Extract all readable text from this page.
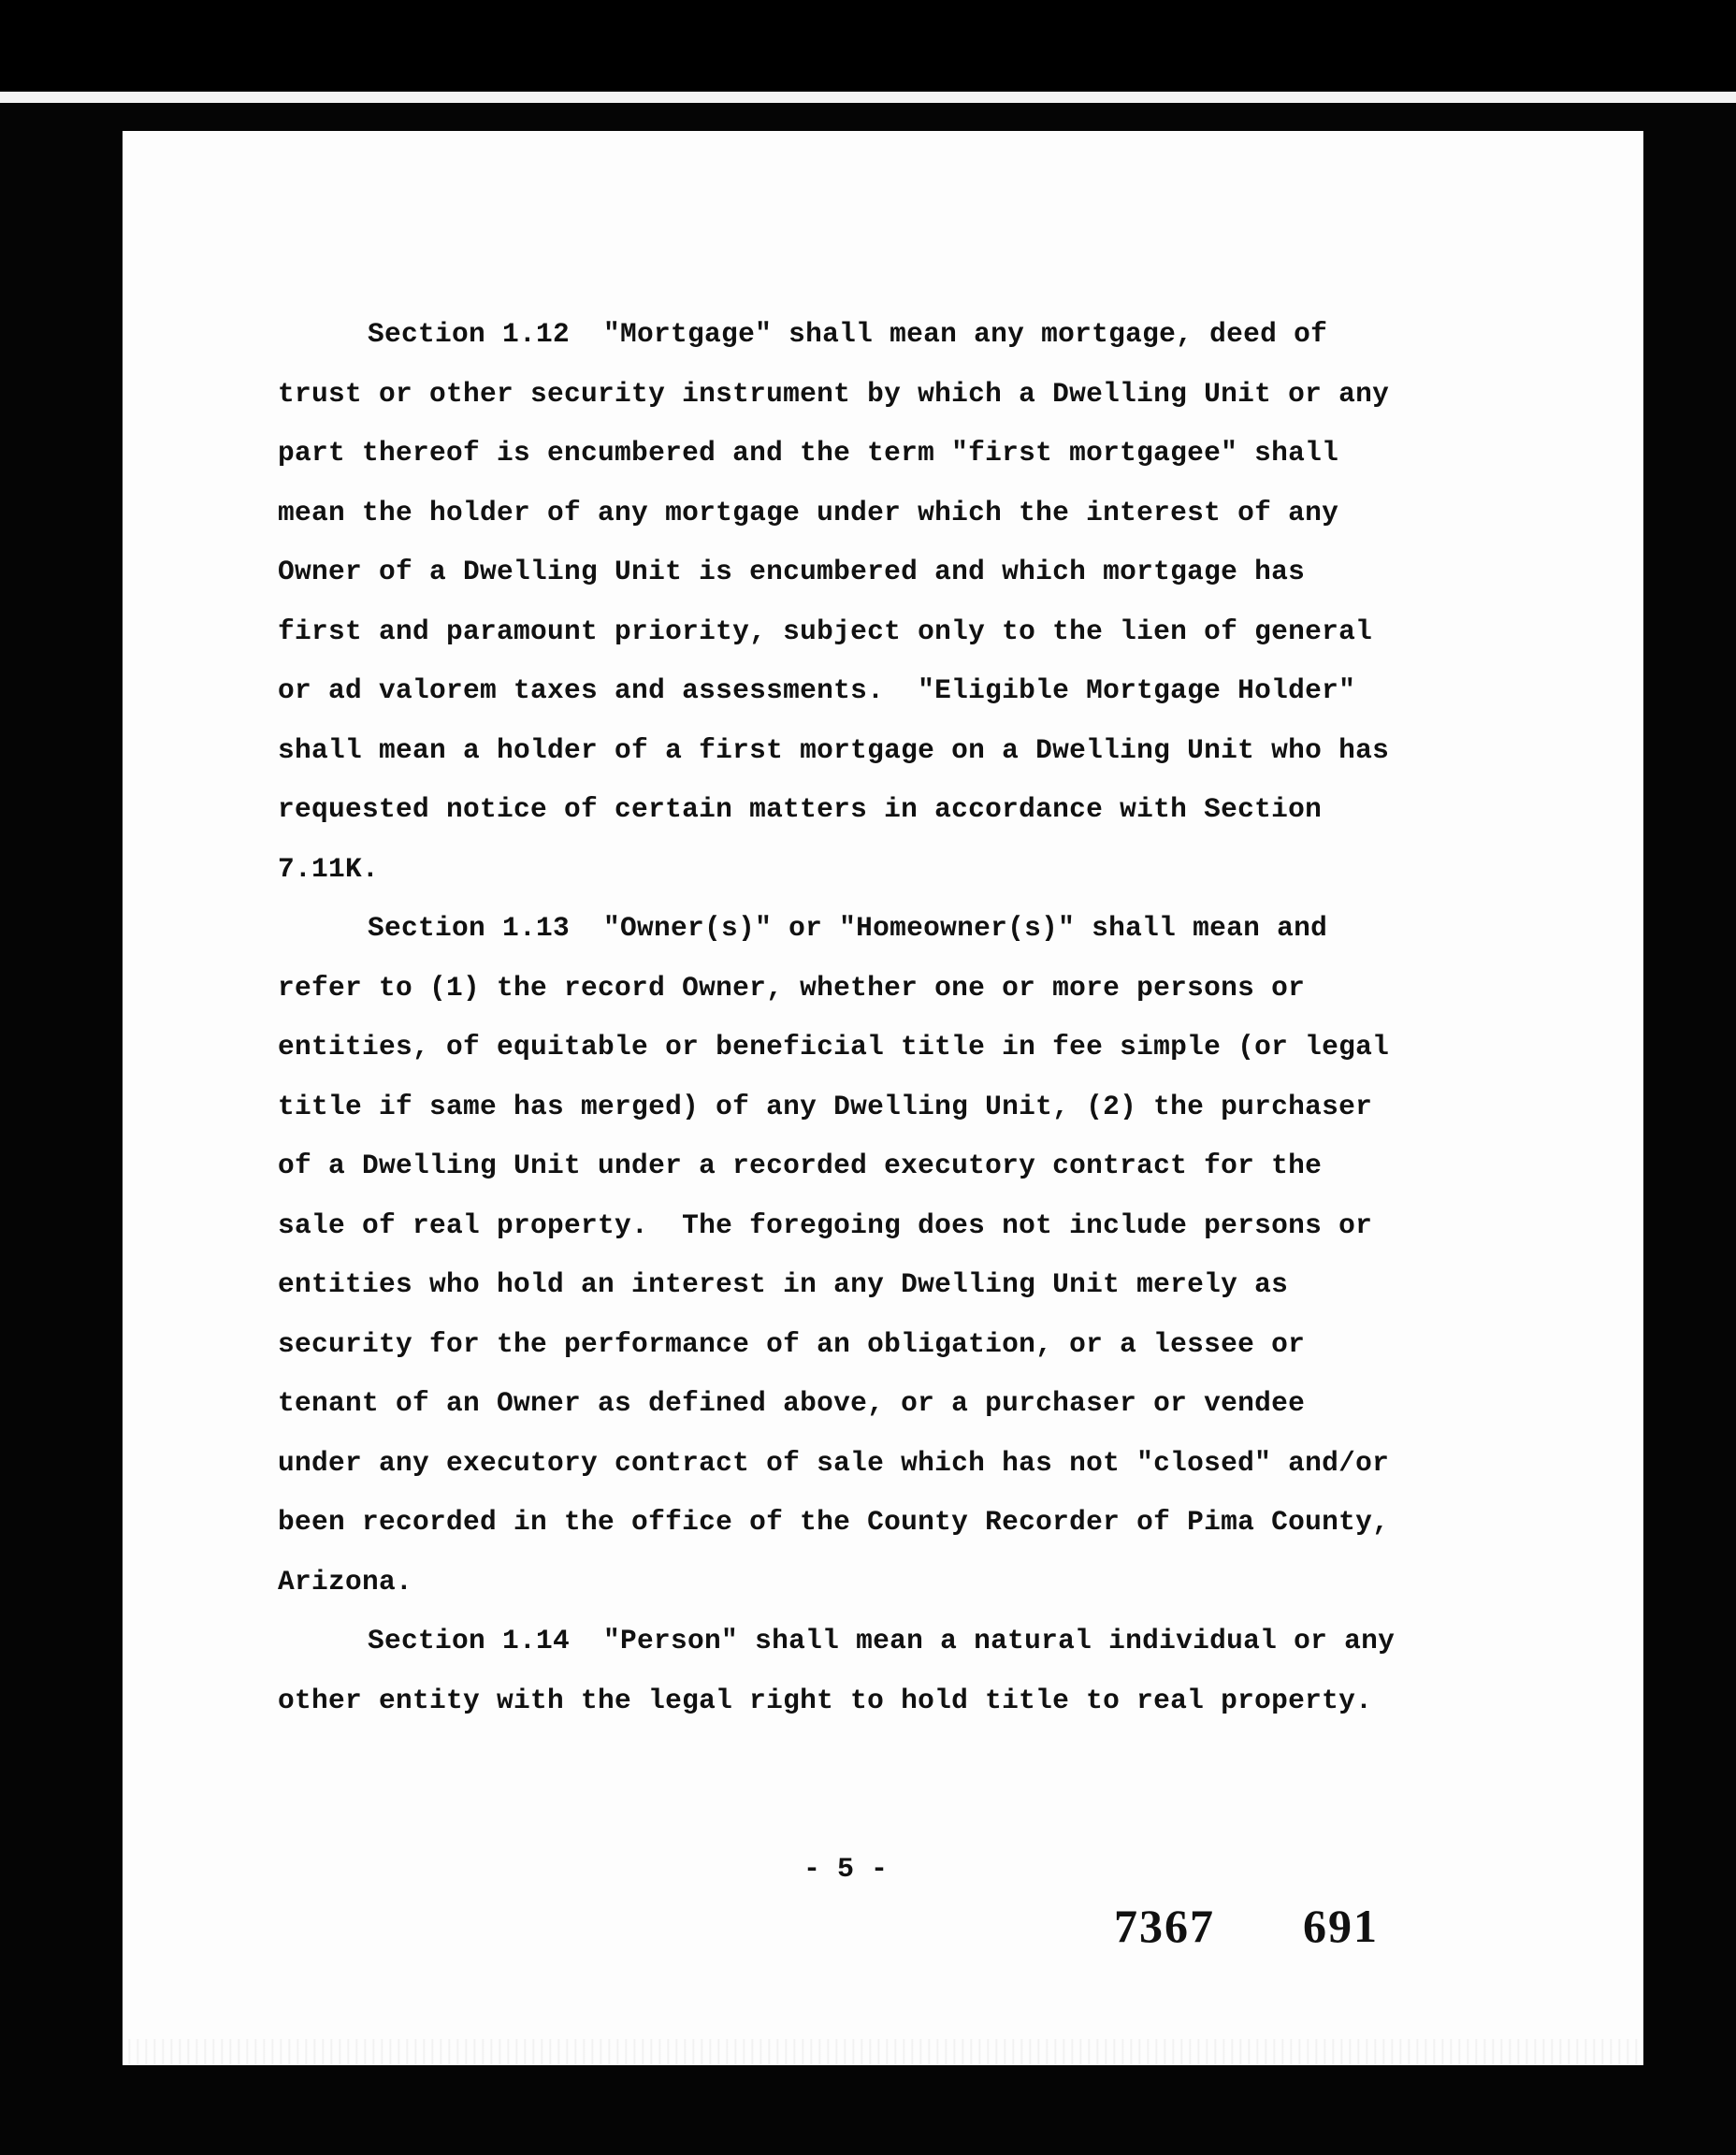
Section 1.12  "Mortgage" shall mean any mortgage, deed of
trust or other security instrument by which a Dwelling Unit or any
part thereof is encumbered and the term "first mortgagee" shall
mean the holder of any mortgage under which the interest of any
Owner of a Dwelling Unit is encumbered and which mortgage has
first and paramount priority, subject only to the lien of general
or ad valorem taxes and assessments.  "Eligible Mortgage Holder"
shall mean a holder of a first mortgage on a Dwelling Unit who has
requested notice of certain matters in accordance with Section
7.11K.
Section 1.13  "Owner(s)" or "Homeowner(s)" shall mean and
refer to (1) the record Owner, whether one or more persons or
entities, of equitable or beneficial title in fee simple (or legal
title if same has merged) of any Dwelling Unit, (2) the purchaser
of a Dwelling Unit under a recorded executory contract for the
sale of real property.  The foregoing does not include persons or
entities who hold an interest in any Dwelling Unit merely as
security for the performance of an obligation, or a lessee or
tenant of an Owner as defined above, or a purchaser or vendee
under any executory contract of sale which has not "closed" and/or
been recorded in the office of the County Recorder of Pima County,
Arizona.
Section 1.14  "Person" shall mean a natural individual or any
other entity with the legal right to hold title to real property.
- 5 -
7367 691
